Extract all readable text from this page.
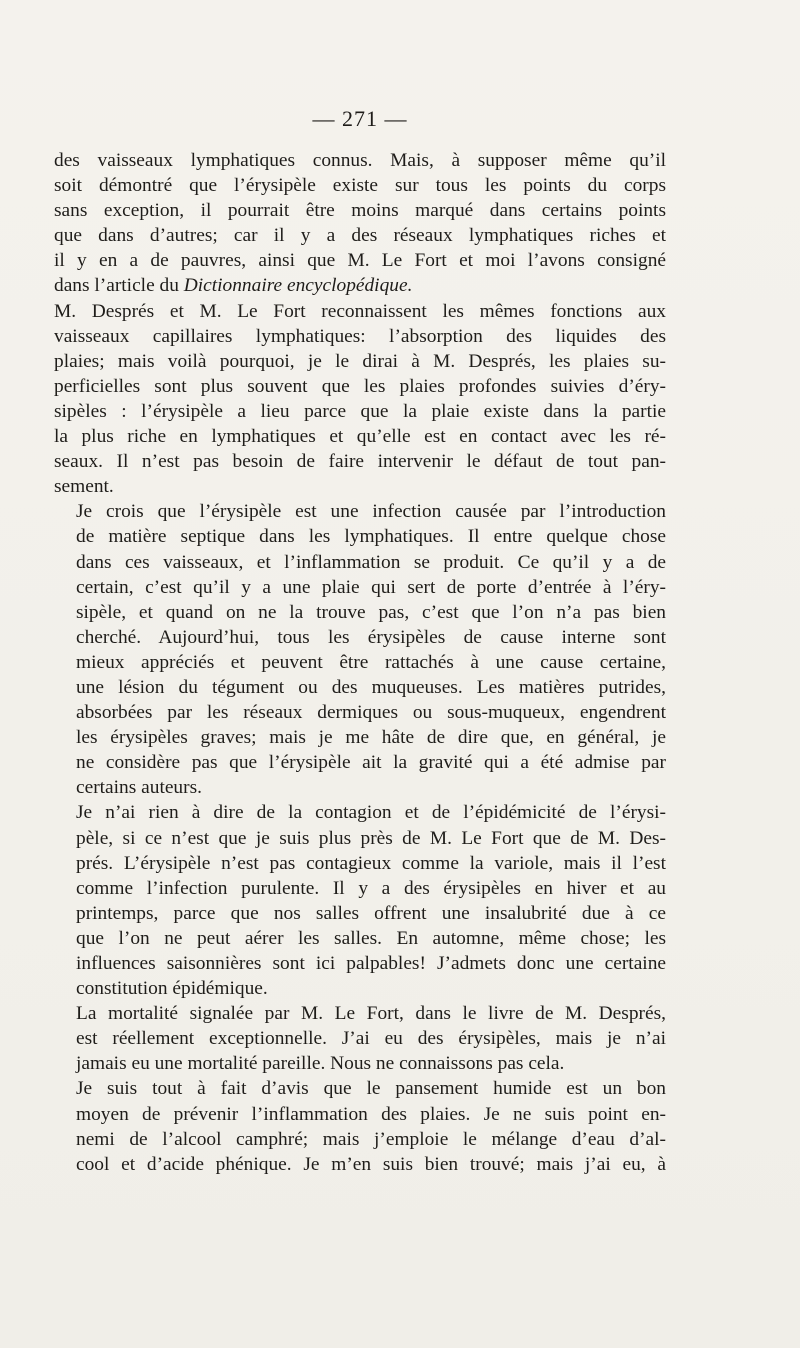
— 271 —

des vaisseaux lymphatiques connus. Mais, à supposer même qu’il
soit démontré que l’érysipèle existe sur tous les points du corps
sans exception, il pourrait être moins marqué dans certains points
que dans d’autres; car il y a des réseaux lymphatiques riches et
il y en a de pauvres, ainsi que M. Le Fort et moi l’avons consigné
dans l’article du Dictionnaire encyclopédique.

M. Després et M. Le Fort reconnaissent les mêmes fonctions aux
vaisseaux capillaires lymphatiques: l’absorption des liquides des
plaies; mais voilà pourquoi, je le dirai à M. Després, les plaies su-
perficielles sont plus souvent que les plaies profondes suivies d’éry-
sipèles : l’érysipèle a lieu parce que la plaie existe dans la partie
la plus riche en lymphatiques et qu’elle est en contact avec les ré-
seaux. Il n’est pas besoin de faire intervenir le défaut de tout pan-
sement.

Je crois que l’érysipèle est une infection causée par l’introduction
de matière septique dans les lymphatiques. Il entre quelque chose
dans ces vaisseaux, et l’inflammation se produit. Ce qu’il y a de
certain, c’est qu’il y a une plaie qui sert de porte d’entrée à l’éry-
sipèle, et quand on ne la trouve pas, c’est que l’on n’a pas bien
cherché. Aujourd’hui, tous les érysipèles de cause interne sont
mieux appréciés et peuvent être rattachés à une cause certaine,
une lésion du tégument ou des muqueuses. Les matières putrides,
absorbées par les réseaux dermiques ou sous-muqueux, engendrent
les érysipèles graves; mais je me hâte de dire que, en général, je
ne considère pas que l’érysipèle ait la gravité qui a été admise par
certains auteurs.

Je n’ai rien à dire de la contagion et de l’épidémicité de l’érysi-
pèle, si ce n’est que je suis plus près de M. Le Fort que de M. Des-
prés. L’érysipèle n’est pas contagieux comme la variole, mais il l’est
comme l’infection purulente. Il y a des érysipèles en hiver et au
printemps, parce que nos salles offrent une insalubrité due à ce
que l’on ne peut aérer les salles. En automne, même chose; les
influences saisonnières sont ici palpables! J’admets donc une certaine
constitution épidémique.

La mortalité signalée par M. Le Fort, dans le livre de M. Després,
est réellement exceptionnelle. J’ai eu des érysipèles, mais je n’ai
jamais eu une mortalité pareille. Nous ne connaissons pas cela.

Je suis tout à fait d’avis que le pansement humide est un bon
moyen de prévenir l’inflammation des plaies. Je ne suis point en-
nemi de l’alcool camphré; mais j’emploie le mélange d’eau d’al-
cool et d’acide phénique. Je m’en suis bien trouvé; mais j’ai eu, à
